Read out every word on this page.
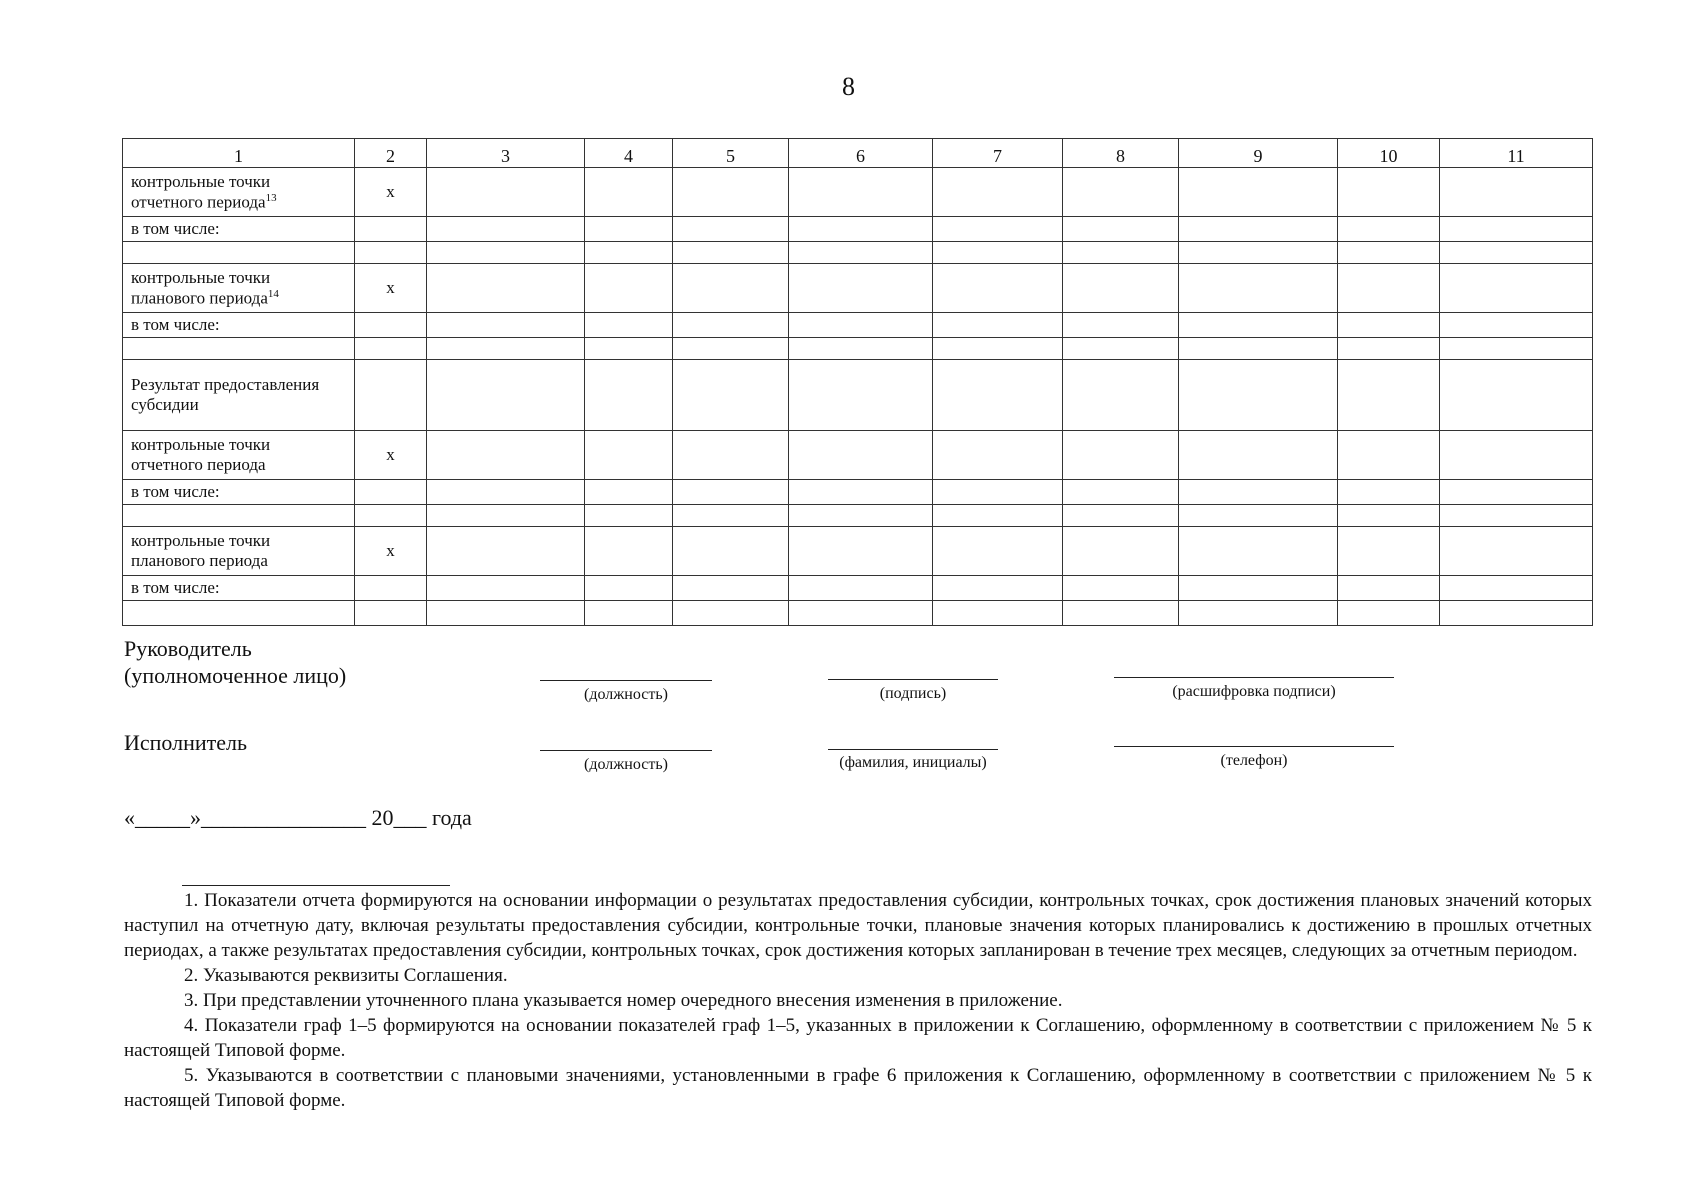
8
1	2	3	4	5	6	7	8	9	10	11
контрольные точки отчетного периода$^{13}$	x									
в том числе:										

контрольные точки планового периода$^{14}$	x									
в том числе:										

Результат предоставления субсидии										
контрольные точки отчетного периода	x									
в том числе:										

контрольные точки планового периода	x									
в том числе:										

Руководитель
(уполномоченное лицо)
(должность)	(подпись)	(расшифровка подписи)
Исполнитель
(должность)	(фамилия, инициалы)	(телефон)
«_____»_______________ 20___ года

1. Показатели отчета формируются на основании информации о результатах предоставления субсидии, контрольных точках, срок достижения плановых значений которых наступил на отчетную дату, включая результаты предоставления субсидии, контрольные точки, плановые значения которых планировались к достижению в прошлых отчетных периодах, а также результатах предоставления субсидии, контрольных точках, срок достижения которых запланирован в течение трех месяцев, следующих за отчетным периодом.

2. Указываются реквизиты Соглашения.

3. При представлении уточненного плана указывается номер очередного внесения изменения в приложение.

4. Показатели граф 1–5 формируются на основании показателей граф 1–5, указанных в приложении к Соглашению, оформленному в соответствии с приложением № 5 к настоящей Типовой форме.

5. Указываются в соответствии с плановыми значениями, установленными в графе 6 приложения к Соглашению, оформленному в соответствии с приложением № 5 к настоящей Типовой форме.
